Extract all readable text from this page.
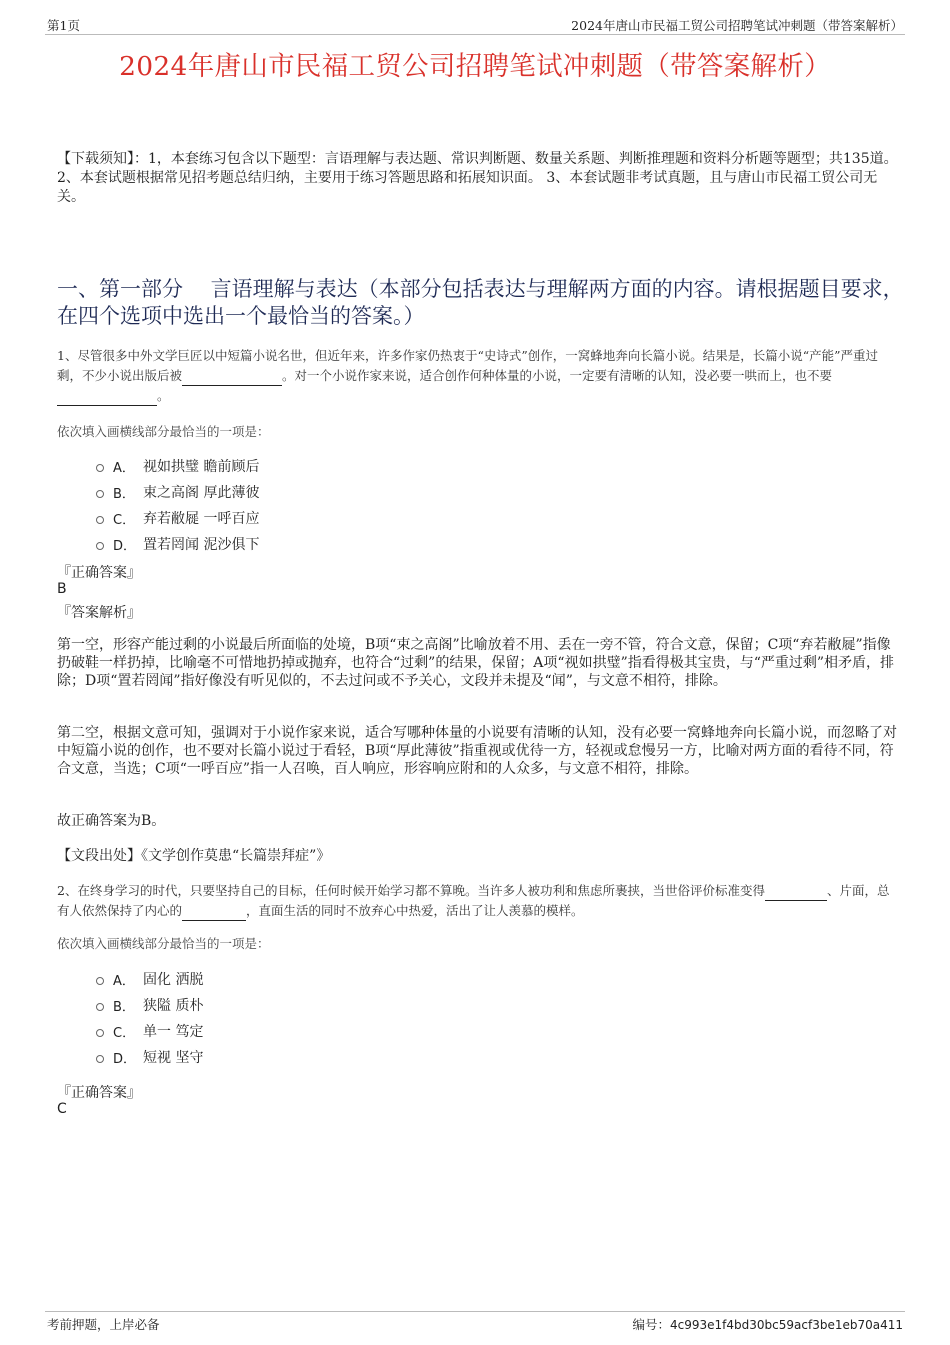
第1页	2024年唐山市民福工贸公司招聘笔试冲刺题（带答案解析）
2024年唐山市民福工贸公司招聘笔试冲刺题（带答案解析）
【下载须知】：1，本套练习包含以下题型：言语理解与表达题、常识判断题、数量关系题、判断推理题和资料分析题等题型；共135道。 2、本套试题根据常见招考题总结归纳，主要用于练习答题思路和拓展知识面。 3、本套试题非考试真题，且与唐山市民福工贸公司无关。
一、第一部分　 言语理解与表达（本部分包括表达与理解两方面的内容。请根据题目要求，在四个选项中选出一个最恰当的答案。）
1、尽管很多中外文学巨匠以中短篇小说名世，但近年来，许多作家仍热衷于“史诗式”创作，一窝蜂地奔向长篇小说。结果是，长篇小说“产能”严重过剩，不少小说出版后被	。对一个小说作家来说，适合创作何种体量的小说，一定要有清晰的认知，没必要一哄而上，也不要。
依次填入画横线部分最恰当的一项是：
A． 视如拱璧 瞻前顾后
B． 束之高阁 厚此薄彼
C． 弃若敝屣 一呼百应
D． 置若罔闻 泥沙俱下
『正确答案』
B
『答案解析』
第一空，形容产能过剩的小说最后所面临的处境，B项“束之高阁”比喻放着不用、丢在一旁不管，符合文意，保留；C项“弃若敝屣”指像扔破鞋一样扔掉，比喻毫不可惜地扔掉或抛弃，也符合“过剩”的结果，保留；A项“视如拱璧”指看得极其宝贵，与“严重过剩”相矛盾，排除；D项“置若罔闻”指好像没有听见似的，不去过问或不予关心，文段并未提及“闻”，与文意不相符，排除。
第二空，根据文意可知，强调对于小说作家来说，适合写哪种体量的小说要有清晰的认知，没有必要一窝蜂地奔向长篇小说，而忽略了对中短篇小说的创作，也不要对长篇小说过于看轻，B项“厚此薄彼”指重视或优待一方，轻视或怠慢另一方，比喻对两方面的看待不同，符合文意，当选；C项“一呼百应”指一人召唤，百人响应，形容响应附和的人众多，与文意不相符，排除。
故正确答案为B。
【文段出处】《文学创作莫患“长篇崇拜症”》
2、在终身学习的时代，只要坚持自己的目标，任何时候开始学习都不算晚。当许多人被功利和焦虑所裹挟，当世俗评价标准变得	、片面，总有人依然保持了内心的	，直面生活的同时不放弃心中热爱，活出了让人羡慕的模样。
依次填入画横线部分最恰当的一项是：
A． 固化 洒脱
B． 狭隘 质朴
C． 单一 笃定
D． 短视 坚守
『正确答案』
C
考前押题，上岸必备	编号：4c993e1f4bd30bc59acf3be1eb70a411
